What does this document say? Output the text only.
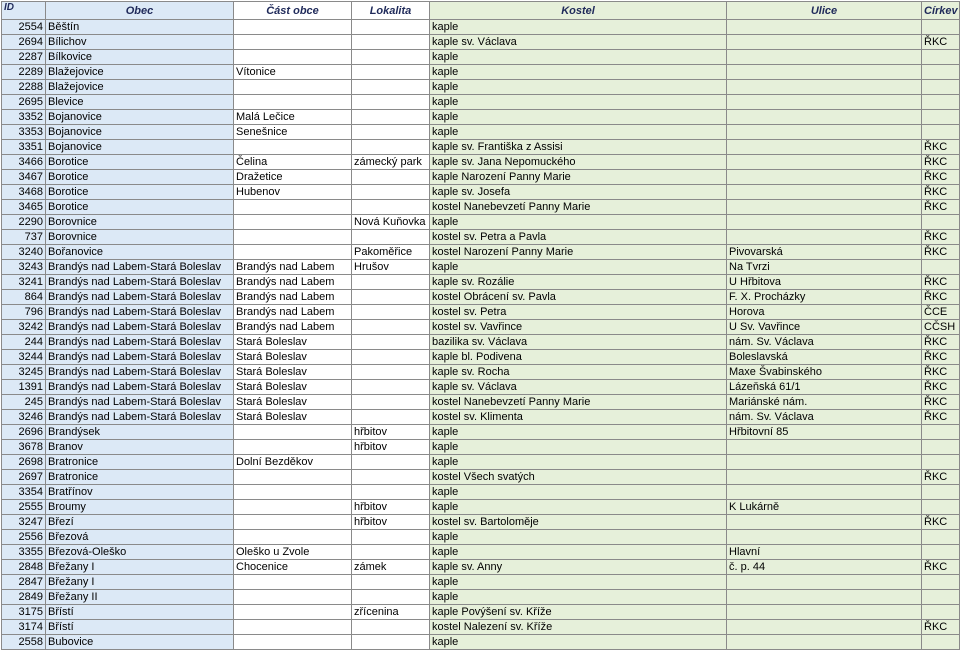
ID	Obec	Část obce	Lokalita	Kostel	Ulice	Církev
2554	Běštín			kaple		
2694	Bílichov			kaple sv. Václava		ŘKC
2287	Bílkovice			kaple		
2289	Blažejovice	Vítonice		kaple		
2288	Blažejovice			kaple		
2695	Blevice			kaple		
3352	Bojanovice	Malá Lečice		kaple		
3353	Bojanovice	Senešnice		kaple		
3351	Bojanovice			kaple sv. Františka z Assisi		ŘKC
3466	Borotice	Čelina	zámecký park	kaple sv. Jana Nepomuckého		ŘKC
3467	Borotice	Dražetice		kaple Narození Panny Marie		ŘKC
3468	Borotice	Hubenov		kaple sv. Josefa		ŘKC
3465	Borotice			kostel Nanebevzetí Panny Marie		ŘKC
2290	Borovnice		Nová Kuňovka	kaple		
737	Borovnice			kostel sv. Petra a Pavla		ŘKC
3240	Bořanovice		Pakoměřice	kostel Narození Panny Marie	Pivovarská	ŘKC
3243	Brandýs nad Labem-Stará Boleslav	Brandýs nad Labem	Hrušov	kaple	Na Tvrzi	
3241	Brandýs nad Labem-Stará Boleslav	Brandýs nad Labem		kaple sv. Rozálie	U Hřbitova	ŘKC
864	Brandýs nad Labem-Stará Boleslav	Brandýs nad Labem		kostel Obrácení sv. Pavla	F. X. Procházky	ŘKC
796	Brandýs nad Labem-Stará Boleslav	Brandýs nad Labem		kostel sv. Petra	Horova	ČCE
3242	Brandýs nad Labem-Stará Boleslav	Brandýs nad Labem		kostel sv. Vavřince	U Sv. Vavřince	CČSH
244	Brandýs nad Labem-Stará Boleslav	Stará Boleslav		bazilika sv. Václava	nám. Sv. Václava	ŘKC
3244	Brandýs nad Labem-Stará Boleslav	Stará Boleslav		kaple bl. Podivena	Boleslavská	ŘKC
3245	Brandýs nad Labem-Stará Boleslav	Stará Boleslav		kaple sv. Rocha	Maxe Švabinského	ŘKC
1391	Brandýs nad Labem-Stará Boleslav	Stará Boleslav		kaple sv. Václava	Lázeňská 61/1	ŘKC
245	Brandýs nad Labem-Stará Boleslav	Stará Boleslav		kostel Nanebevzetí Panny Marie	Mariánské nám.	ŘKC
3246	Brandýs nad Labem-Stará Boleslav	Stará Boleslav		kostel sv. Klimenta	nám. Sv. Václava	ŘKC
2696	Brandýsek		hřbitov	kaple	Hřbitovní 85	
3678	Branov		hřbitov	kaple		
2698	Bratronice	Dolní Bezděkov		kaple		
2697	Bratronice			kostel Všech svatých		ŘKC
3354	Bratřínov			kaple		
2555	Broumy		hřbitov	kaple	K Lukárně	
3247	Březí		hřbitov	kostel sv. Bartoloměje		ŘKC
2556	Březová			kaple		
3355	Březová-Oleško	Oleško u Zvole		kaple	Hlavní	
2848	Břežany I	Chocenice	zámek	kaple sv. Anny	č. p. 44	ŘKC
2847	Břežany I			kaple		
2849	Břežany II			kaple		
3175	Břístí		zřícenina	kaple Povýšení sv. Kříže		
3174	Břístí			kostel Nalezení sv. Kříže		ŘKC
2558	Bubovice			kaple		
